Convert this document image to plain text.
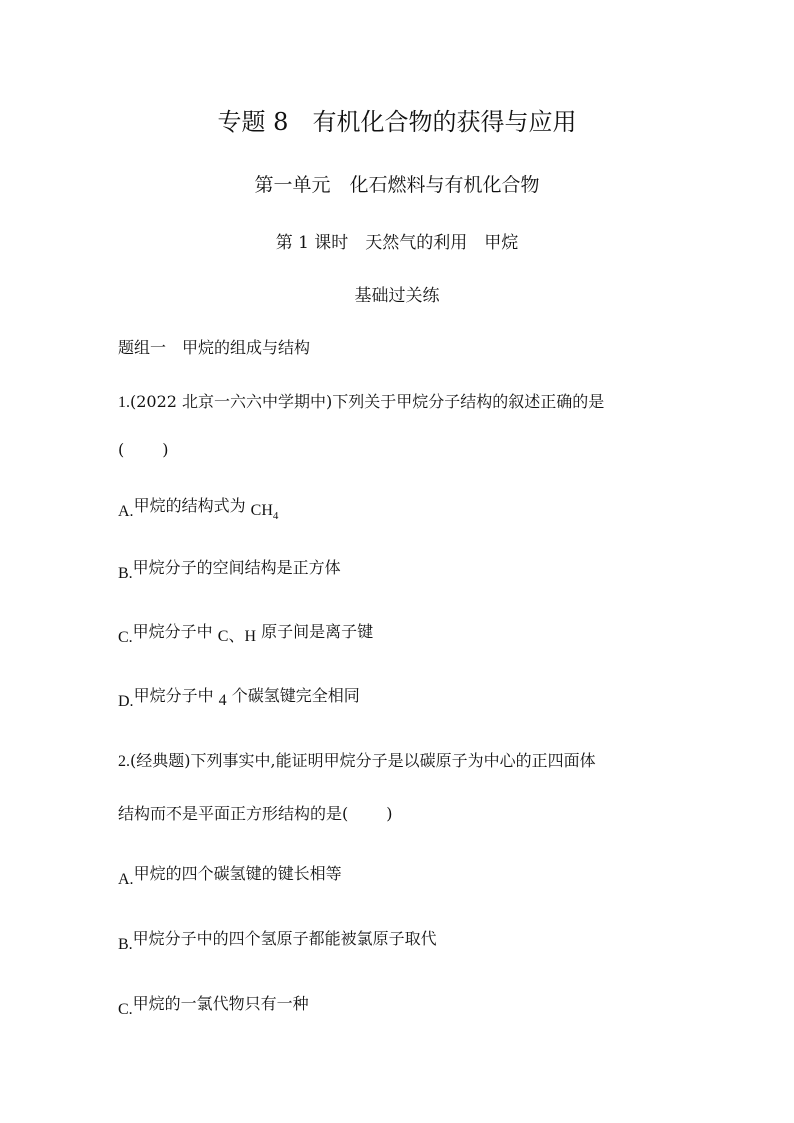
专题 8　有机化合物的获得与应用
第一单元　化石燃料与有机化合物
第 1 课时　天然气的利用　甲烷
基础过关练
题组一　甲烷的组成与结构
1.(2022 北京一六六中学期中)下列关于甲烷分子结构的叙述正确的是
( )
A.甲烷的结构式为 $CH_4$
B.甲烷分子的空间结构是正方体
C.甲烷分子中 C、H 原子间是离子键
D.甲烷分子中 4 个碳氢键完全相同
2.(经典题)下列事实中,能证明甲烷分子是以碳原子为中心的正四面体
结构而不是平面正方形结构的是( )
A.甲烷的四个碳氢键的键长相等
B.甲烷分子中的四个氢原子都能被氯原子取代
C.甲烷的一氯代物只有一种
